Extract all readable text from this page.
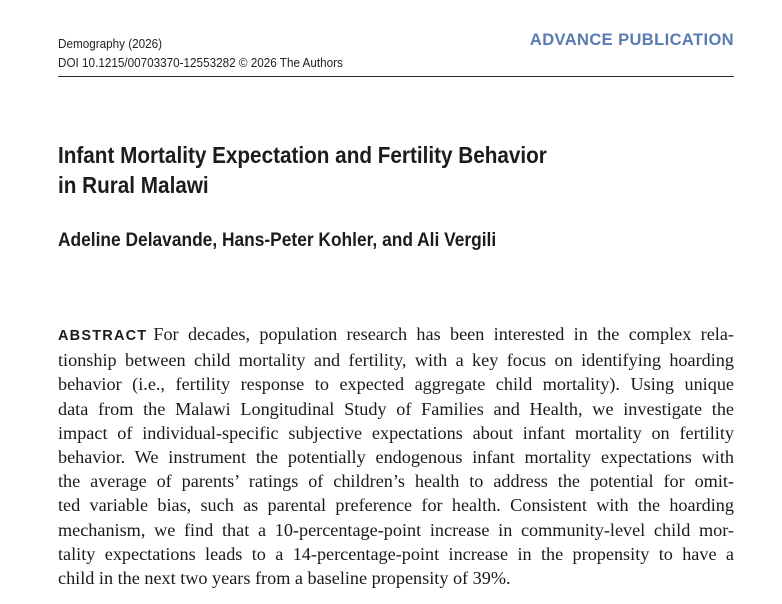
Demography (2026)
DOI 10.1215/00703370-12553282 © 2026 The Authors
ADVANCE PUBLICATION
Infant Mortality Expectation and Fertility Behavior
in Rural Malawi
Adeline Delavande, Hans-Peter Kohler, and Ali Vergili
ABSTRACT For decades, population research has been interested in the complex rela-
tionship between child mortality and fertility, with a key focus on identifying hoarding
behavior (i.e., fertility response to expected aggregate child mortality). Using unique
data from the Malawi Longitudinal Study of Families and Health, we investigate the
impact of individual-specific subjective expectations about infant mortality on fertility
behavior. We instrument the potentially endogenous infant mortality expectations with
the average of parents’ ratings of children’s health to address the potential for omit-
ted variable bias, such as parental preference for health. Consistent with the hoarding
mechanism, we find that a 10-percentage-point increase in community-level child mor-
tality expectations leads to a 14-percentage-point increase in the propensity to have a
child in the next two years from a baseline propensity of 39%.
